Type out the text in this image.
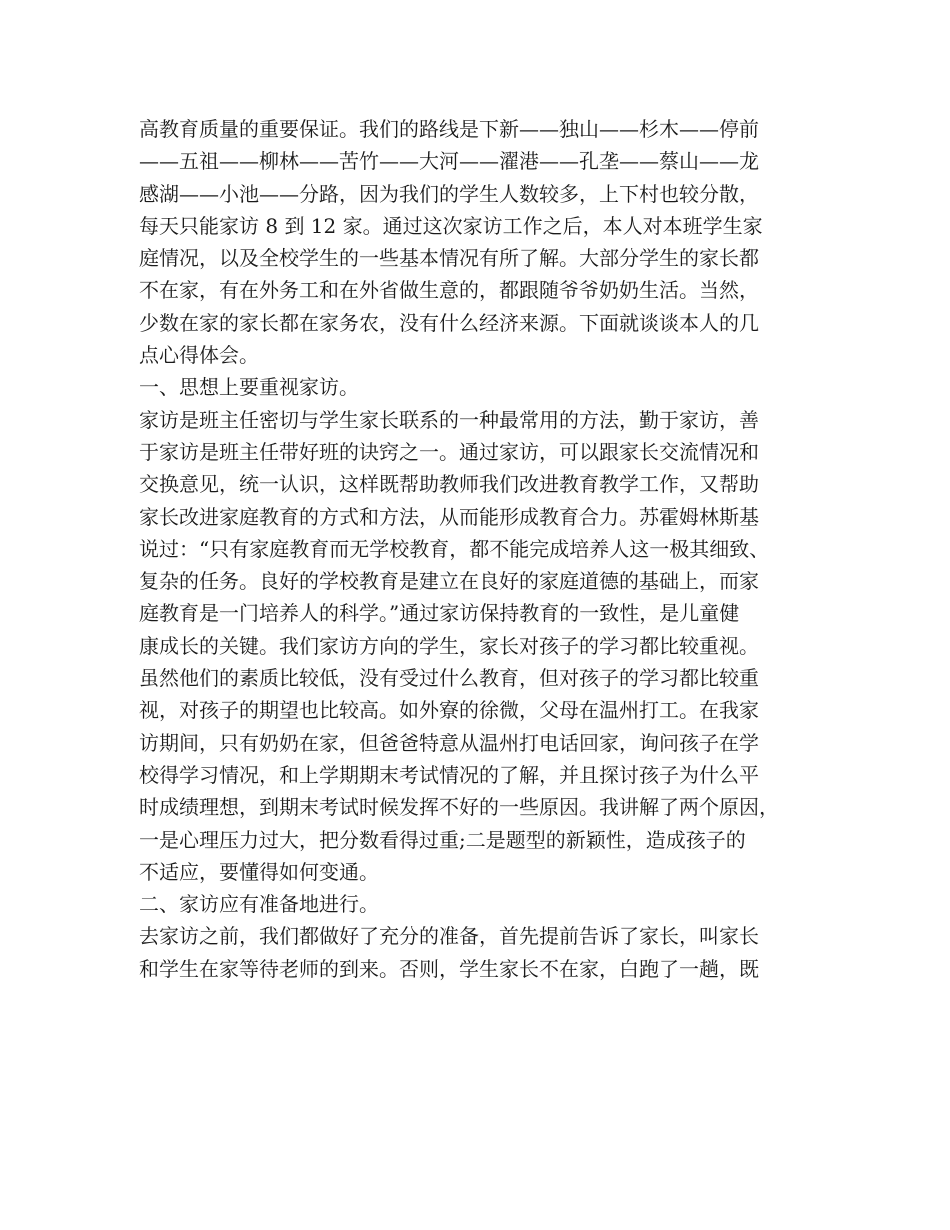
高教育质量的重要保证。我们的路线是下新——独山——杉木——停前
——五祖——柳林——苦竹——大河——濯港——孔垄——蔡山——龙
感湖——小池——分路，因为我们的学生人数较多，上下村也较分散，
每天只能家访 8 到 12 家。通过这次家访工作之后，本人对本班学生家
庭情况，以及全校学生的一些基本情况有所了解。大部分学生的家长都
不在家，有在外务工和在外省做生意的，都跟随爷爷奶奶生活。当然，
少数在家的家长都在家务农，没有什么经济来源。下面就谈谈本人的几
点心得体会。
一、思想上要重视家访。
家访是班主任密切与学生家长联系的一种最常用的方法，勤于家访，善
于家访是班主任带好班的诀窍之一。通过家访，可以跟家长交流情况和
交换意见，统一认识，这样既帮助教师我们改进教育教学工作，又帮助
家长改进家庭教育的方式和方法，从而能形成教育合力。苏霍姆林斯基
说过：“只有家庭教育而无学校教育，都不能完成培养人这一极其细致、
复杂的任务。良好的学校教育是建立在良好的家庭道德的基础上，而家
庭教育是一门培养人的科学。”通过家访保持教育的一致性，是儿童健
康成长的关键。我们家访方向的学生，家长对孩子的学习都比较重视。
虽然他们的素质比较低，没有受过什么教育，但对孩子的学习都比较重
视，对孩子的期望也比较高。如外寮的徐微，父母在温州打工。在我家
访期间，只有奶奶在家，但爸爸特意从温州打电话回家，询问孩子在学
校得学习情况，和上学期期末考试情况的了解，并且探讨孩子为什么平
时成绩理想，到期末考试时候发挥不好的一些原因。我讲解了两个原因，
一是心理压力过大，把分数看得过重;二是题型的新颖性，造成孩子的
不适应，要懂得如何变通。
二、家访应有准备地进行。
去家访之前，我们都做好了充分的准备，首先提前告诉了家长，叫家长
和学生在家等待老师的到来。否则，学生家长不在家，白跑了一趟，既
